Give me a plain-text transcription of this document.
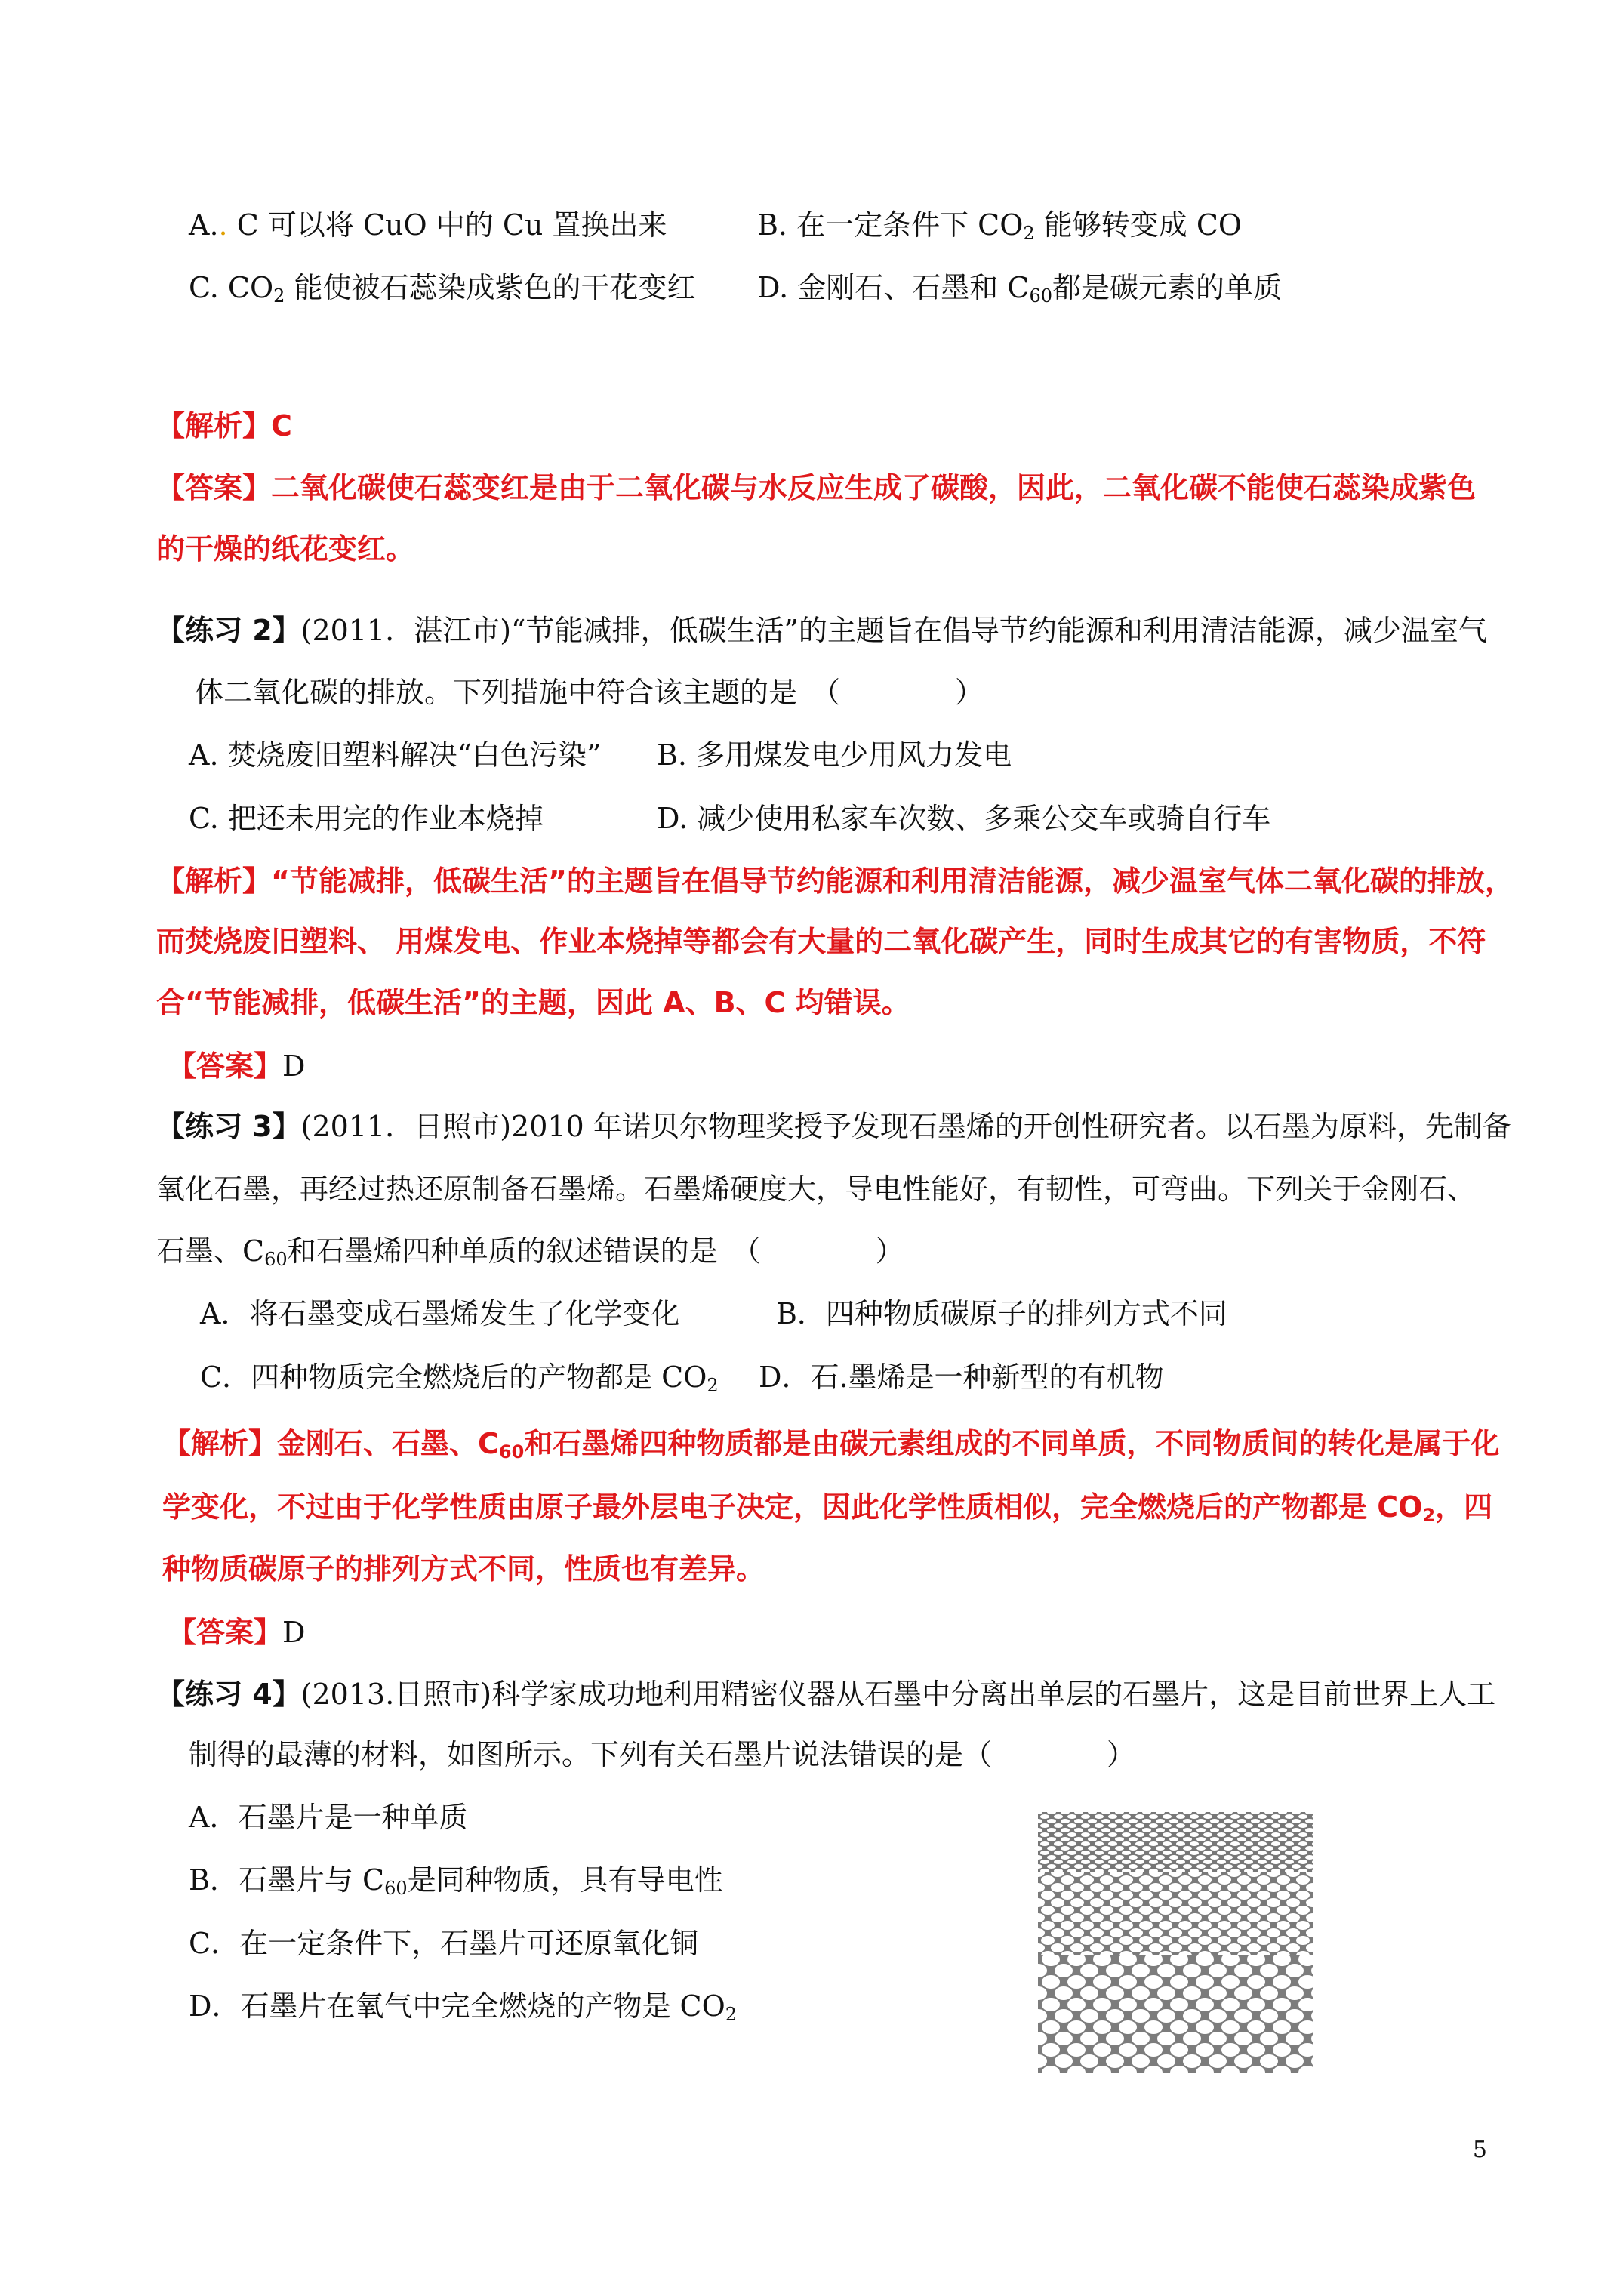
A.. C 可以将 CuO 中的 Cu 置换出来	B. 在一定条件下 $CO_2$ 能够转变成 CO
C. $CO_2$ 能使被石蕊染成紫色的干花变红 D. 金刚石、石墨和 $C_{60}$都是碳元素的单质
【解析】C
【答案】二氧化碳使石蕊变红是由于二氧化碳与水反应生成了碳酸，因此，二氧化碳不能使石蕊染成紫色
的干燥的纸花变红。
【练习 2】(2011．湛江市)“节能减排，低碳生活”的主题旨在倡导节约能源和利用清洁能源，减少温室气
体二氧化碳的排放。下列措施中符合该主题的是　（　　　　）
A. 焚烧废旧塑料解决“白色污染” B. 多用煤发电少用风力发电
C. 把还未用完的作业本烧掉	D. 减少使用私家车次数、多乘公交车或骑自行车
【解析】“节能减排，低碳生活”的主题旨在倡导节约能源和利用清洁能源，减少温室气体二氧化碳的排放，
而焚烧废旧塑料、 用煤发电、作业本烧掉等都会有大量的二氧化碳产生，同时生成其它的有害物质，不符
合“节能减排，低碳生活”的主题，因此 A、B、C 均错误。
【答案】D
【练习 3】(2011．日照市)2010 年诺贝尔物理奖授予发现石墨烯的开创性研究者。以石墨为原料，先制备
氧化石墨，再经过热还原制备石墨烯。石墨烯硬度大，导电性能好，有韧性，可弯曲。下列关于金刚石、
石墨、$C_{60}$和石墨烯四种单质的叙述错误的是　（　　　　）
A．将石墨变成石墨烯发生了化学变化	B．四种物质碳原子的排列方式不同
C．四种物质完全燃烧后的产物都是 $CO_2$ D．石.墨烯是一种新型的有机物
【解析】金刚石、石墨、$C_{60}$和石墨烯四种物质都是由碳元素组成的不同单质，不同物质间的转化是属于化
学变化，不过由于化学性质由原子最外层电子决定，因此化学性质相似，完全燃烧后的产物都是 $CO_2$，四
种物质碳原子的排列方式不同，性质也有差异。
【答案】D
【练习 4】(2013.日照市)科学家成功地利用精密仪器从石墨中分离出单层的石墨片，这是目前世界上人工
制得的最薄的材料，如图所示。下列有关石墨片说法错误的是（　　　　）
A．石墨片是一种单质
B．石墨片与 $C_{60}$是同种物质，具有导电性
C．在一定条件下，石墨片可还原氧化铜
D．石墨片在氧气中完全燃烧的产物是 $CO_2$
5
